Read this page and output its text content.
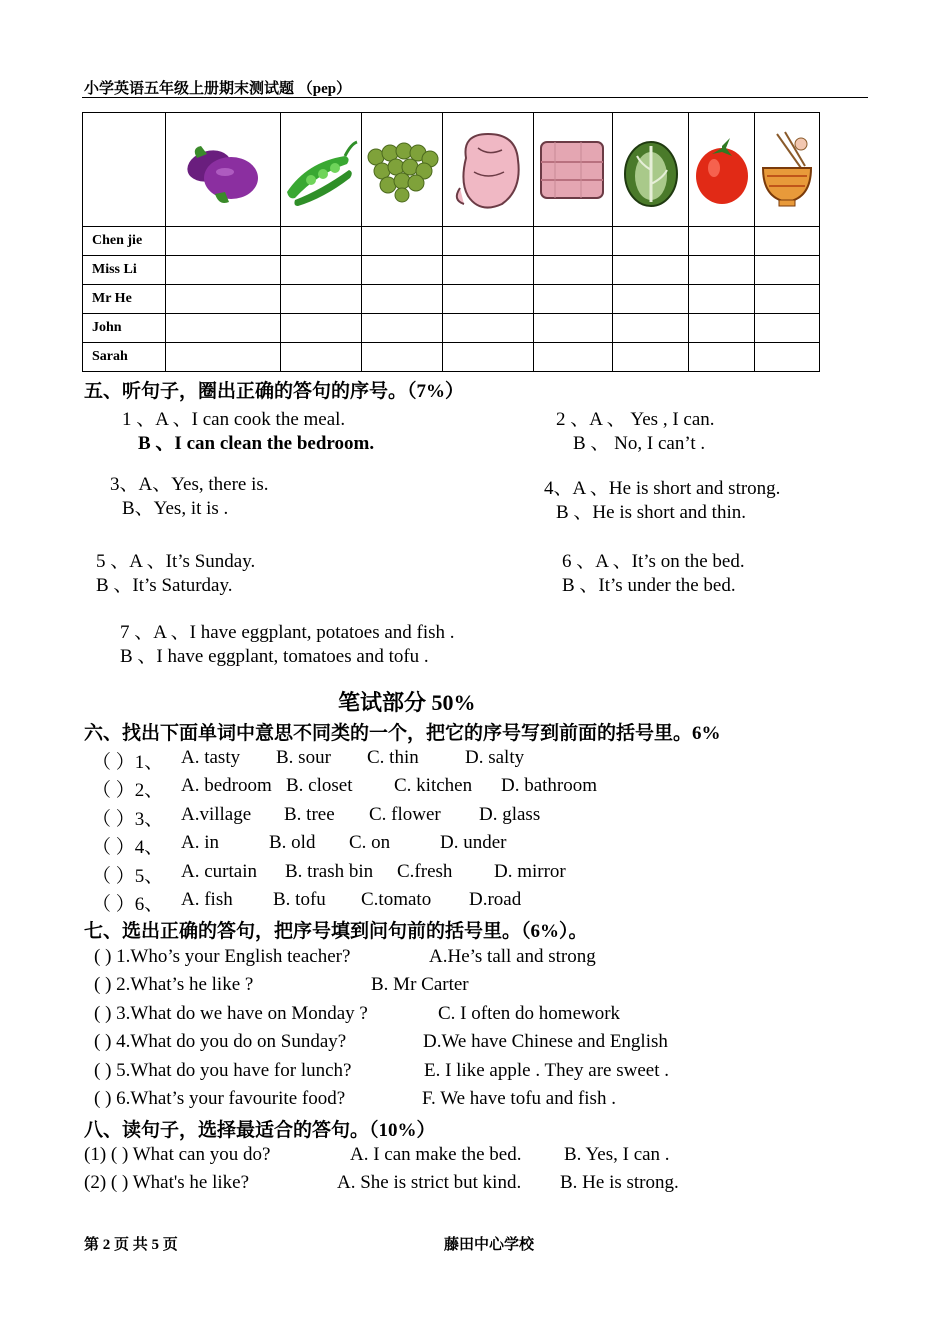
小学英语五年级上册期末测试题 （pep）

Chen jie								
Miss Li								
Mr He								
John								
Sarah								
五、听句子，圈出正确的答句的序号。（7%）
1 、A 、I can cook the meal.
B 、I can clean the bedroom.
2 、A 、 Yes , I can.
B 、 No, I can’t .
3、A、Yes, there is.
B、Yes, it is .
4、A 、He is short and strong.
B 、He is short and thin.
5 、A 、It’s Sunday.
B 、It’s Saturday.
6 、A 、It’s on the bed.
B 、It’s under the bed.
7 、A 、I have eggplant, potatoes and fish .
B 、I have eggplant, tomatoes and tofu .
笔试部分 50%
六、找出下面单词中意思不同类的一个，把它的序号写到前面的括号里。6%
（ ）1、 A. tasty B. sour C. thin D. salty
（ ）2、 A. bedroom B. closet C. kitchen D. bathroom
（ ）3、 A.village B. tree C. flower D. glass
（ ）4、 A. in	B. old C. on	D. under
（ ）5、 A. curtain B. trash bin C.fresh D. mirror
（ ）6、 A. fish B. tofu C.tomato D.road
七、选出正确的答句，把序号填到问句前的括号里。（6%）。
( ) 1.Who’s your English teacher?	A.He’s tall and strong
( ) 2.What’s he like ?	B. Mr Carter
( ) 3.What do we have on Monday ?	C. I often do homework
( ) 4.What do you do on Sunday?	D.We have Chinese and English
( ) 5.What do you have for lunch?	E. I like apple . They are sweet .
( ) 6.What’s your favourite food?	F. We have tofu and fish .
八、读句子，选择最适合的答句。（10%）
(1) ( ) What can you do?	A. I can make the bed. B. Yes, I can .
(2) ( ) What's he like?	A. She is strict but kind. B. He is strong.
第 2 页 共 5 页	藤田中心学校
